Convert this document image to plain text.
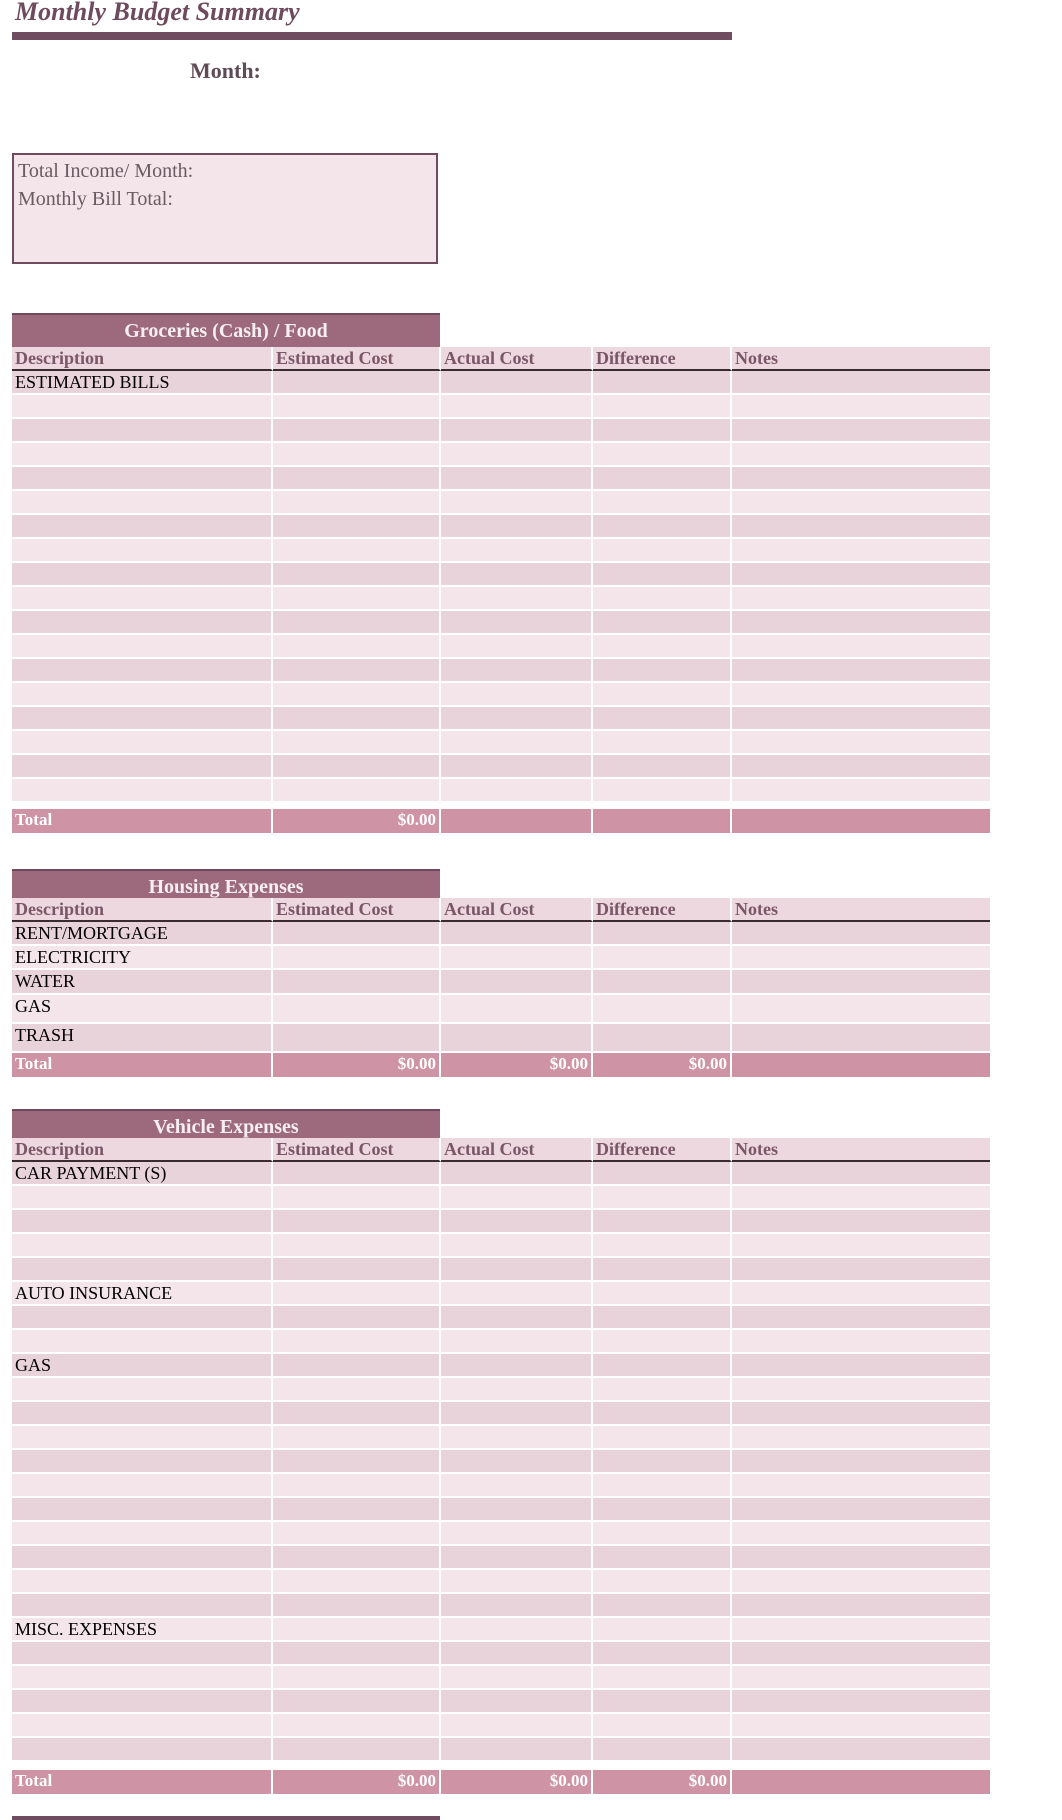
Monthly Budget Summary
Month:
Total Income/ Month:
Monthly Bill Total:
Groceries (Cash) / Food
Description	Estimated Cost	Actual Cost	Difference	Notes
ESTIMATED BILLS
Total	$0.00
Housing Expenses
Description	Estimated Cost	Actual Cost	Difference	Notes
RENT/MORTGAGE
ELECTRICITY
WATER
GAS
TRASH
Total	$0.00	$0.00	$0.00
Vehicle Expenses
Description	Estimated Cost	Actual Cost	Difference	Notes
CAR PAYMENT (S)
AUTO INSURANCE
GAS
MISC. EXPENSES
Total	$0.00	$0.00	$0.00
